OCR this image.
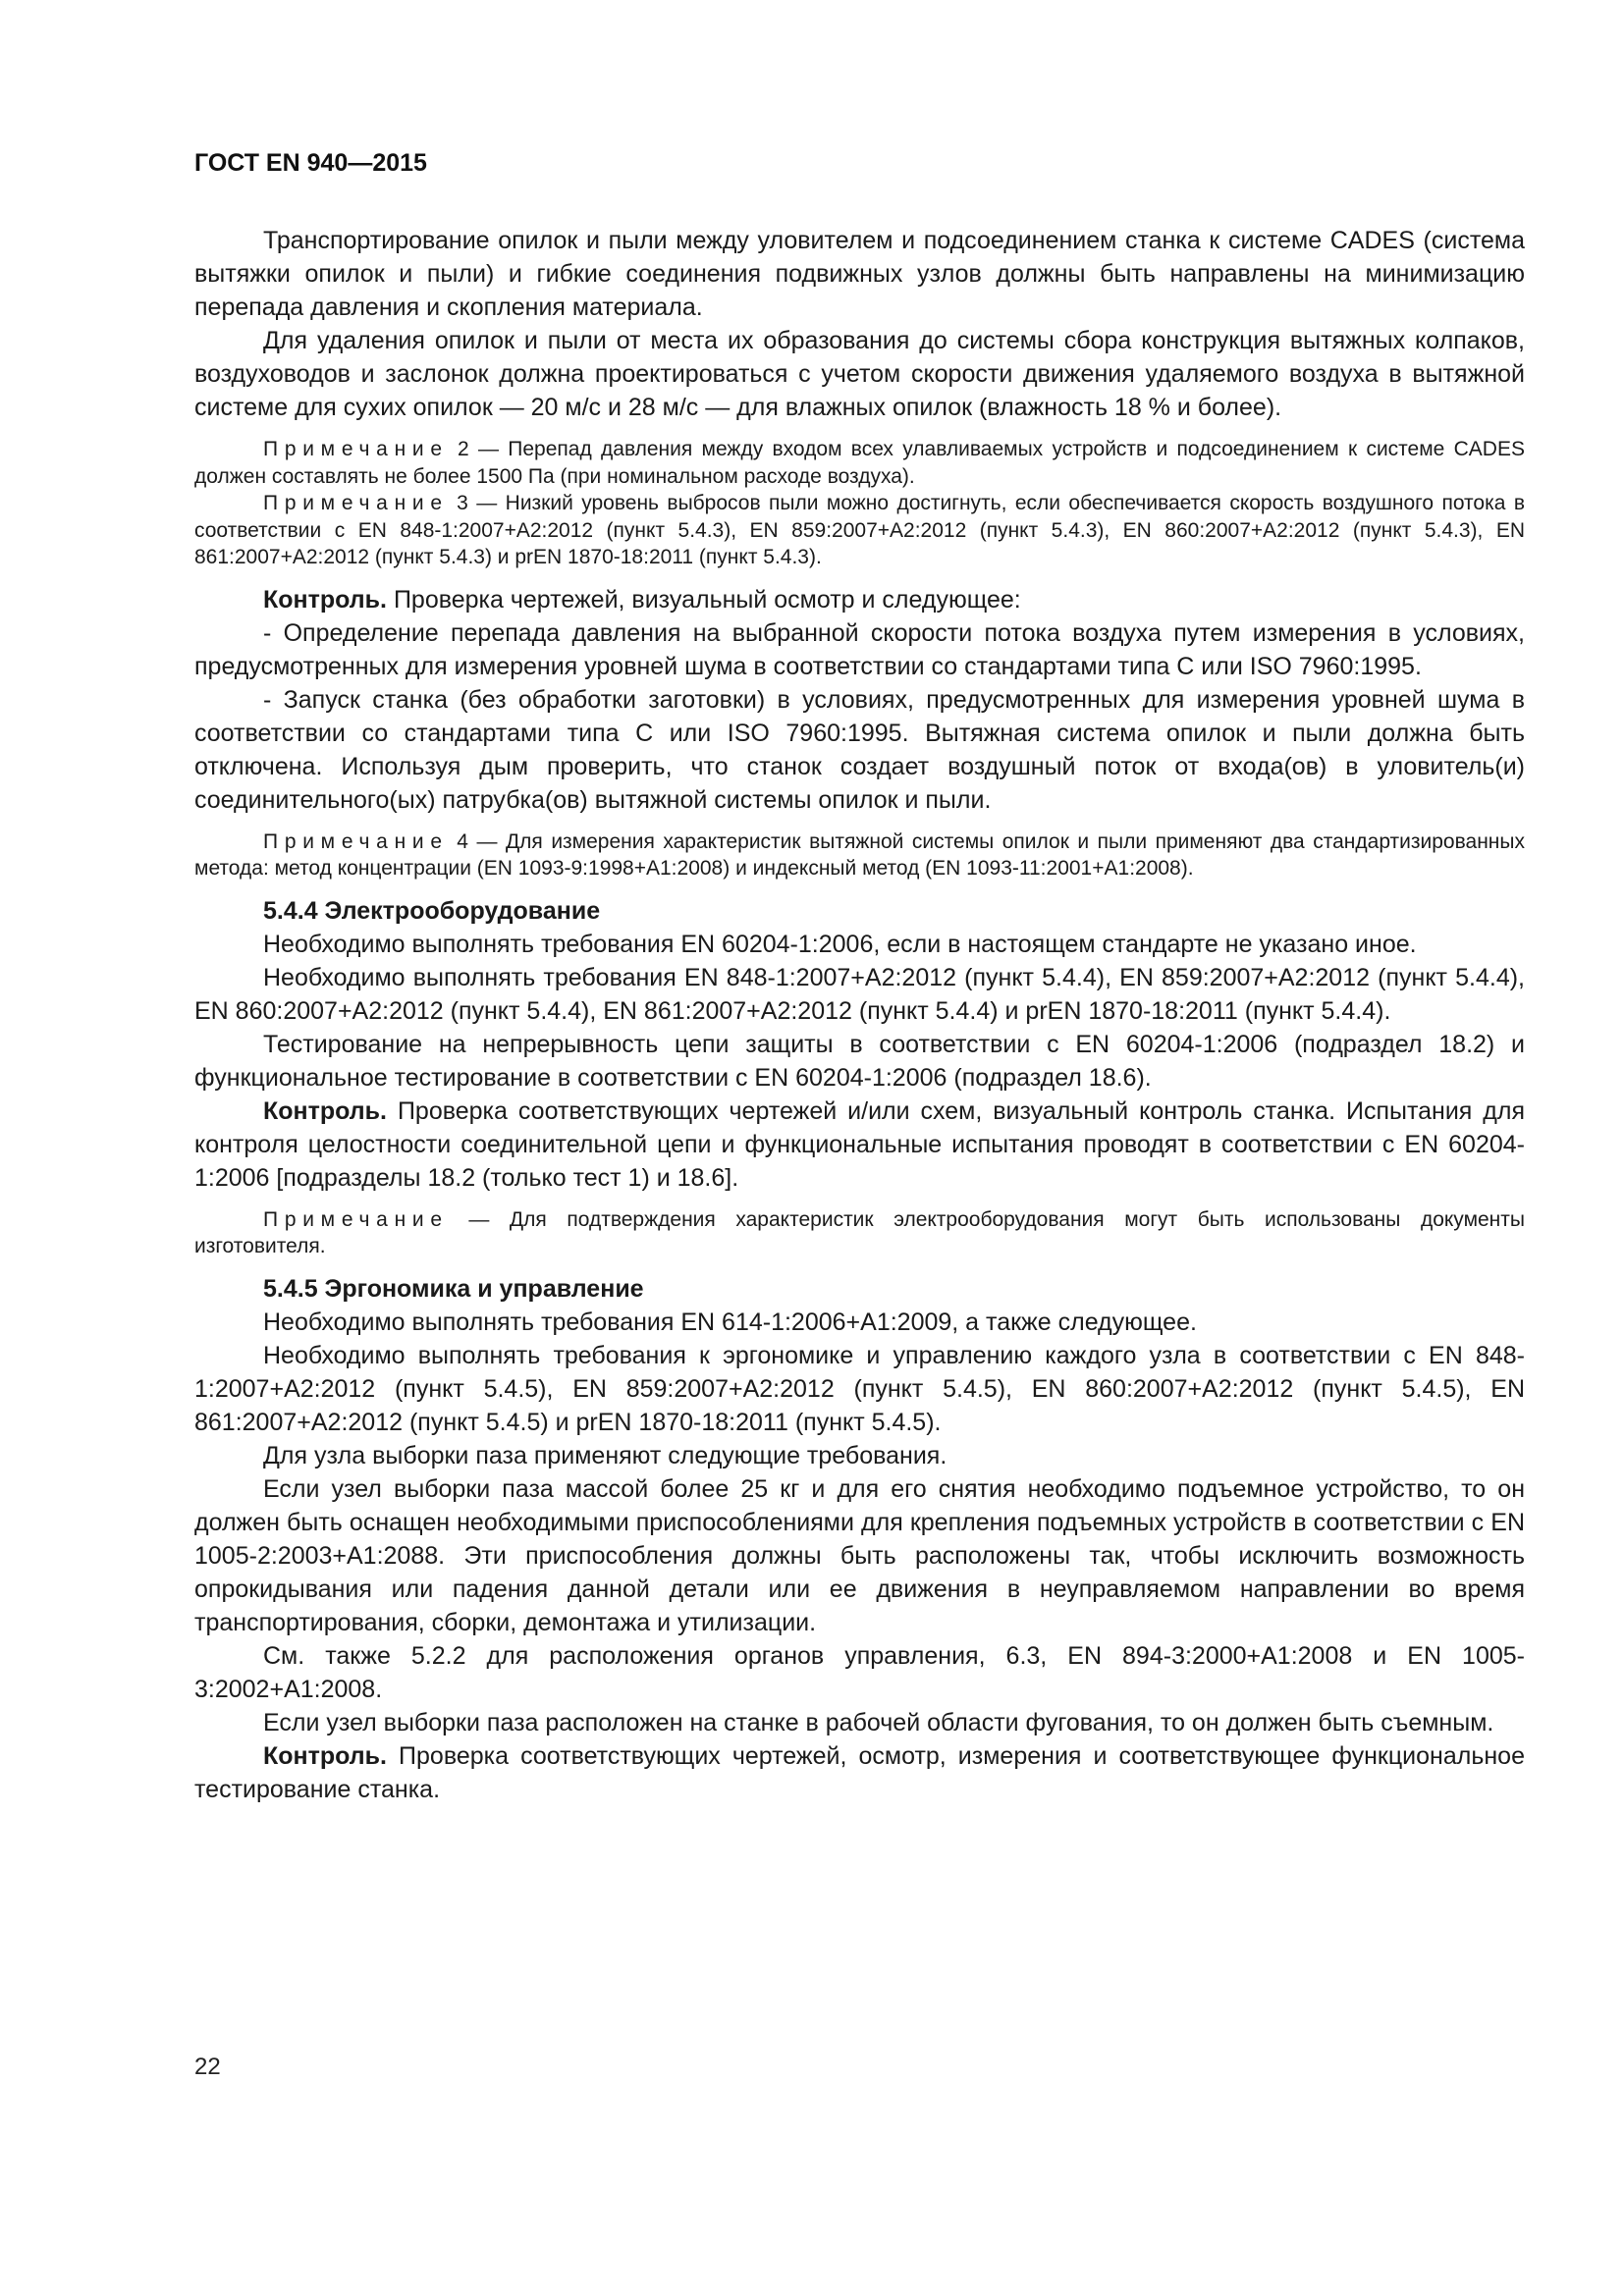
ГОСТ EN 940—2015

Транспортирование опилок и пыли между уловителем и подсоединением станка к системе CADES (система вытяжки опилок и пыли) и гибкие соединения подвижных узлов должны быть направлены на минимизацию перепада давления и скопления материала.

Для удаления опилок и пыли от места их образования до системы сбора конструкция вытяжных колпаков, воздуховодов и заслонок должна проектироваться с учетом скорости движения удаляемого воздуха в вытяжной системе для сухих опилок — 20 м/с и 28 м/с — для влажных опилок (влажность 18 % и более).

Примечание 2 — Перепад давления между входом всех улавливаемых устройств и подсоединением к системе CADES должен составлять не более 1500 Па (при номинальном расходе воздуха).

Примечание 3 — Низкий уровень выбросов пыли можно достигнуть, если обеспечивается скорость воздушного потока в соответствии с EN 848-1:2007+A2:2012 (пункт 5.4.3), EN 859:2007+A2:2012 (пункт 5.4.3), EN 860:2007+A2:2012 (пункт 5.4.3), EN 861:2007+A2:2012 (пункт 5.4.3) и prEN 1870-18:2011 (пункт 5.4.3).

Контроль. Проверка чертежей, визуальный осмотр и следующее:

- Определение перепада давления на выбранной скорости потока воздуха путем измерения в условиях, предусмотренных для измерения уровней шума в соответствии со стандартами типа С или ISO 7960:1995.

- Запуск станка (без обработки заготовки) в условиях, предусмотренных для измерения уровней шума в соответствии со стандартами типа С или ISO 7960:1995. Вытяжная система опилок и пыли должна быть отключена. Используя дым проверить, что станок создает воздушный поток от входа(ов) в уловитель(и) соединительного(ых) патрубка(ов) вытяжной системы опилок и пыли.

Примечание 4 — Для измерения характеристик вытяжной системы опилок и пыли применяют два стандартизированных метода: метод концентрации (EN 1093-9:1998+A1:2008) и индексный метод (EN 1093-11:2001+A1:2008).

5.4.4 Электрооборудование

Необходимо выполнять требования EN 60204-1:2006, если в настоящем стандарте не указано иное.

Необходимо выполнять требования EN 848-1:2007+A2:2012 (пункт 5.4.4), EN 859:2007+A2:2012 (пункт 5.4.4), EN 860:2007+A2:2012 (пункт 5.4.4), EN 861:2007+A2:2012 (пункт 5.4.4) и prEN 1870-18:2011 (пункт 5.4.4).

Тестирование на непрерывность цепи защиты в соответствии с EN 60204-1:2006 (подраздел 18.2) и функциональное тестирование в соответствии с EN 60204-1:2006 (подраздел 18.6).

Контроль. Проверка соответствующих чертежей и/или схем, визуальный контроль станка. Испытания для контроля целостности соединительной цепи и функциональные испытания проводят в соответствии с EN 60204-1:2006 [подразделы 18.2 (только тест 1) и 18.6].

Примечание — Для подтверждения характеристик электрооборудования могут быть использованы документы изготовителя.

5.4.5 Эргономика и управление

Необходимо выполнять требования EN 614-1:2006+A1:2009, а также следующее.

Необходимо выполнять требования к эргономике и управлению каждого узла в соответствии с EN 848-1:2007+A2:2012 (пункт 5.4.5), EN 859:2007+A2:2012 (пункт 5.4.5), EN 860:2007+A2:2012 (пункт 5.4.5), EN 861:2007+A2:2012 (пункт 5.4.5) и prEN 1870-18:2011 (пункт 5.4.5).

Для узла выборки паза применяют следующие требования.

Если узел выборки паза массой более 25 кг и для его снятия необходимо подъемное устройство, то он должен быть оснащен необходимыми приспособлениями для крепления подъемных устройств в соответствии с EN 1005-2:2003+A1:2088. Эти приспособления должны быть расположены так, чтобы исключить возможность опрокидывания или падения данной детали или ее движения в неуправляемом направлении во время транспортирования, сборки, демонтажа и утилизации.

См. также 5.2.2 для расположения органов управления, 6.3, EN 894-3:2000+A1:2008 и EN 1005-3:2002+A1:2008.

Если узел выборки паза расположен на станке в рабочей области фугования, то он должен быть съемным.

Контроль. Проверка соответствующих чертежей, осмотр, измерения и соответствующее функциональное тестирование станка.

22
